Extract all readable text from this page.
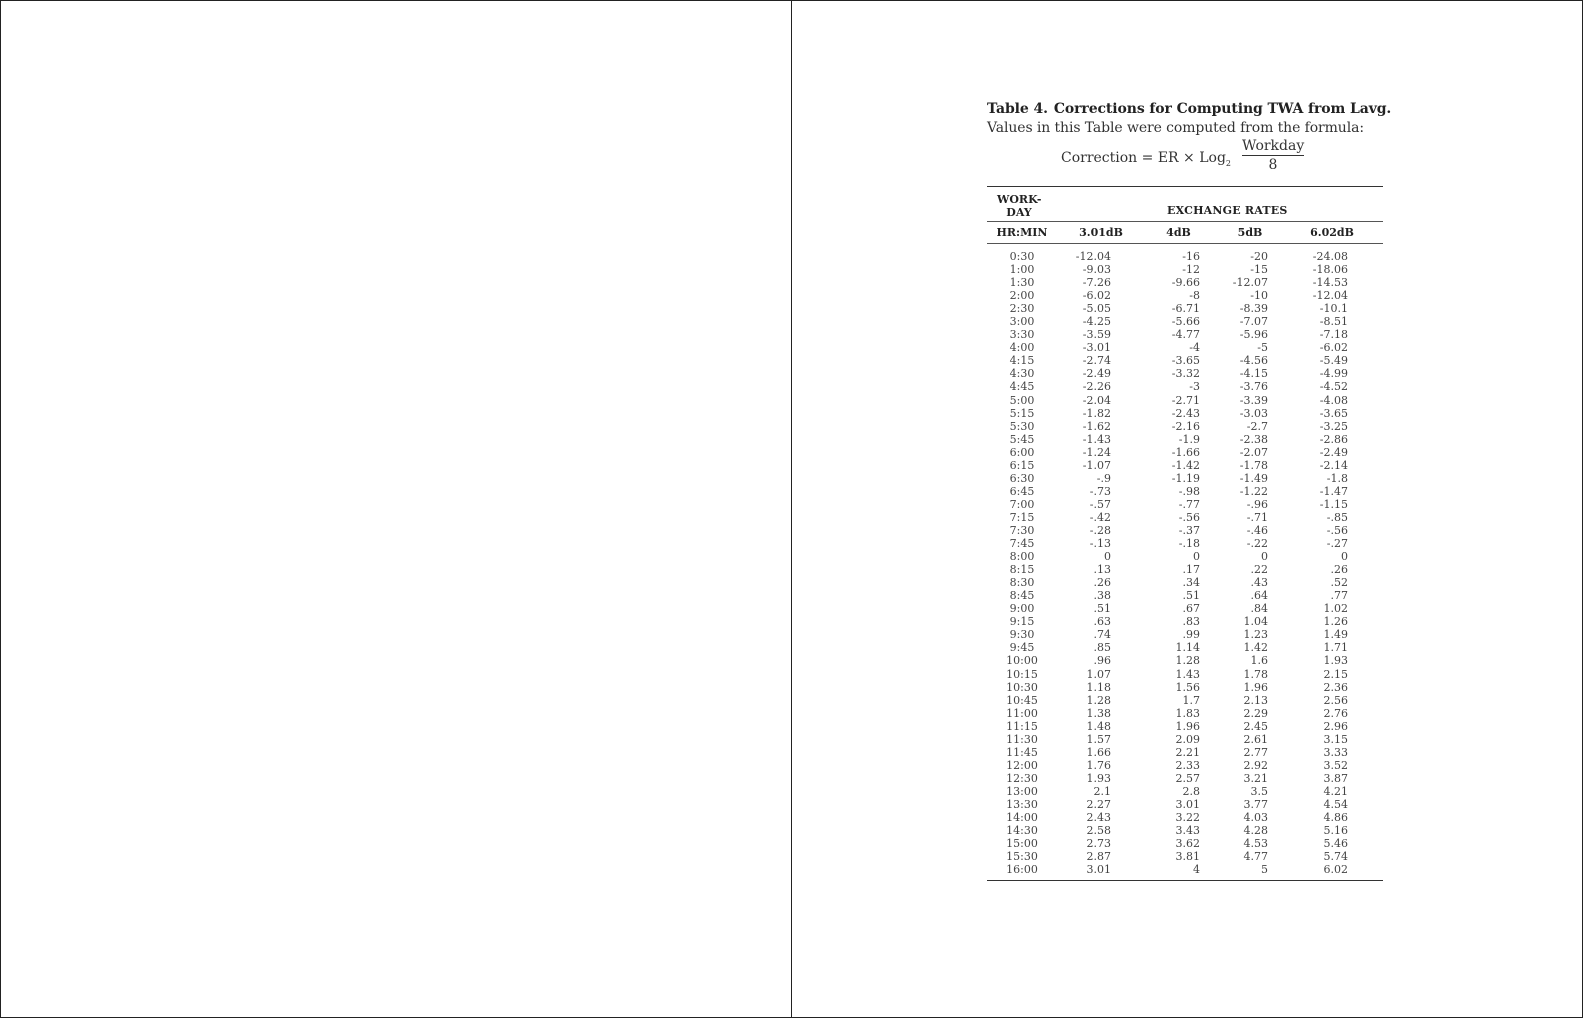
Table 4. Corrections for Computing TWA from Lavg.
Values in this Table were computed from the formula:
Correction = ER × Log$_2$
Workday
8
WORK-
DAY	EXCHANGE RATES
HR:MIN	3.01dB	4dB	5dB	6.02dB
0:30	-12.04	-16	-20	-24.08
1:00	-9.03	-12	-15	-18.06
1:30	-7.26	-9.66	-12.07	-14.53
2:00	-6.02	-8	-10	-12.04
2:30	-5.05	-6.71	-8.39	-10.1
3:00	-4.25	-5.66	-7.07	-8.51
3:30	-3.59	-4.77	-5.96	-7.18
4:00	-3.01	-4	-5	-6.02
4:15	-2.74	-3.65	-4.56	-5.49
4:30	-2.49	-3.32	-4.15	-4.99
4:45	-2.26	-3	-3.76	-4.52
5:00	-2.04	-2.71	-3.39	-4.08
5:15	-1.82	-2.43	-3.03	-3.65
5:30	-1.62	-2.16	-2.7	-3.25
5:45	-1.43	-1.9	-2.38	-2.86
6:00	-1.24	-1.66	-2.07	-2.49
6:15	-1.07	-1.42	-1.78	-2.14
6:30	-.9	-1.19	-1.49	-1.8
6:45	-.73	-.98	-1.22	-1.47
7:00	-.57	-.77	-.96	-1.15
7:15	-.42	-.56	-.71	-.85
7:30	-.28	-.37	-.46	-.56
7:45	-.13	-.18	-.22	-.27
8:00	0	0	0	0
8:15	.13	.17	.22	.26
8:30	.26	.34	.43	.52
8:45	.38	.51	.64	.77
9:00	.51	.67	.84	1.02
9:15	.63	.83	1.04	1.26
9:30	.74	.99	1.23	1.49
9:45	.85	1.14	1.42	1.71
10:00	.96	1.28	1.6	1.93
10:15	1.07	1.43	1.78	2.15
10:30	1.18	1.56	1.96	2.36
10:45	1.28	1.7	2.13	2.56
11:00	1.38	1.83	2.29	2.76
11:15	1.48	1.96	2.45	2.96
11:30	1.57	2.09	2.61	3.15
11:45	1.66	2.21	2.77	3.33
12:00	1.76	2.33	2.92	3.52
12:30	1.93	2.57	3.21	3.87
13:00	2.1	2.8	3.5	4.21
13:30	2.27	3.01	3.77	4.54
14:00	2.43	3.22	4.03	4.86
14:30	2.58	3.43	4.28	5.16
15:00	2.73	3.62	4.53	5.46
15:30	2.87	3.81	4.77	5.74
16:00	3.01	4	5	6.02
